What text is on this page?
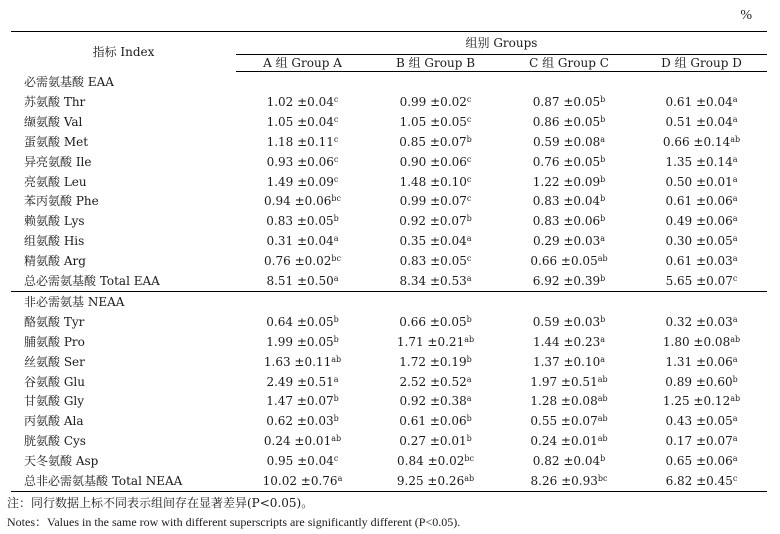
%
指标 Index	组别 Groups			
	A 组 Group A	B 组 Group B	C 组 Group C	D 组 Group D
必需氨基酸 EAA				
苏氨酸 Thr	1.02 ±0.04$^c$	0.99 ±0.02$^c$	0.87 ±0.05$^b$	0.61 ±0.04$^a$
缬氨酸 Val	1.05 ±0.04$^c$	1.05 ±0.05$^c$	0.86 ±0.05$^b$	0.51 ±0.04$^a$
蛋氨酸 Met	1.18 ±0.11$^c$	0.85 ±0.07$^b$	0.59 ±0.08$^a$	0.66 ±0.14$^{ab}$
异亮氨酸 Ile	0.93 ±0.06$^c$	0.90 ±0.06$^c$	0.76 ±0.05$^b$	1.35 ±0.14$^a$
亮氨酸 Leu	1.49 ±0.09$^c$	1.48 ±0.10$^c$	1.22 ±0.09$^b$	0.50 ±0.01$^a$
苯丙氨酸 Phe	0.94 ±0.06$^{bc}$	0.99 ±0.07$^c$	0.83 ±0.04$^b$	0.61 ±0.06$^a$
赖氨酸 Lys	0.83 ±0.05$^b$	0.92 ±0.07$^b$	0.83 ±0.06$^b$	0.49 ±0.06$^a$
组氨酸 His	0.31 ±0.04$^a$	0.35 ±0.04$^a$	0.29 ±0.03$^a$	0.30 ±0.05$^a$
精氨酸 Arg	0.76 ±0.02$^{bc}$	0.83 ±0.05$^c$	0.66 ±0.05$^{ab}$	0.61 ±0.03$^a$
总必需氨基酸 Total EAA	8.51 ±0.50$^a$	8.34 ±0.53$^a$	6.92 ±0.39$^b$	5.65 ±0.07$^c$
非必需氨基 NEAA				
酪氨酸 Tyr	0.64 ±0.05$^b$	0.66 ±0.05$^b$	0.59 ±0.03$^b$	0.32 ±0.03$^a$
脯氨酸 Pro	1.99 ±0.05$^b$	1.71 ±0.21$^{ab}$	1.44 ±0.23$^a$	1.80 ±0.08$^{ab}$
丝氨酸 Ser	1.63 ±0.11$^{ab}$	1.72 ±0.19$^b$	1.37 ±0.10$^a$	1.31 ±0.06$^a$
谷氨酸 Glu	2.49 ±0.51$^a$	2.52 ±0.52$^a$	1.97 ±0.51$^{ab}$	0.89 ±0.60$^b$
甘氨酸 Gly	1.47 ±0.07$^b$	0.92 ±0.38$^a$	1.28 ±0.08$^{ab}$	1.25 ±0.12$^{ab}$
丙氨酸 Ala	0.62 ±0.03$^b$	0.61 ±0.06$^b$	0.55 ±0.07$^{ab}$	0.43 ±0.05$^a$
胱氨酸 Cys	0.24 ±0.01$^{ab}$	0.27 ±0.01$^b$	0.24 ±0.01$^{ab}$	0.17 ±0.07$^a$
天冬氨酸 Asp	0.95 ±0.04$^c$	0.84 ±0.02$^{bc}$	0.82 ±0.04$^b$	0.65 ±0.06$^a$
总非必需氨基酸 Total NEAA	10.02 ±0.76$^a$	9.25 ±0.26$^{ab}$	8.26 ±0.93$^{bc}$	6.82 ±0.45$^c$
注：同行数据上标不同表示组间存在显著差异(P<0.05)。
Notes：Values in the same row with different superscripts are significantly different (P<0.05).
